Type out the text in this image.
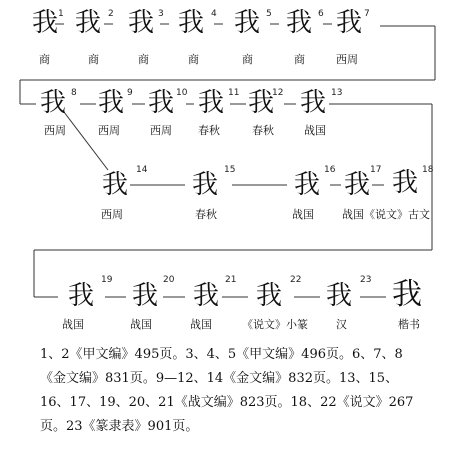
我 1
商
我 2
商
我 3
商
我 4
商
我 5
商
我 6
商
我 7
西周
我 8
西周
我 9
西周
我 10
西周
我 11
春秋
我
12
春秋
我 13
战国
我 14
西周
我 15
春秋
我 16
战国
我 17
战国《说文》古文
我 18
我
19
战国
我
20
战国
我
21
战国
我
22
《说文》小篆
我
23
汉
我
楷书

1、2《甲文编》495页。3、4、5《甲文编》496页。6、7、8《金文编》831页。9—12、14《金文编》832页。13、15、16、17、19、20、21《战文编》823页。18、22《说文》267页。23《篆隶表》901页。
